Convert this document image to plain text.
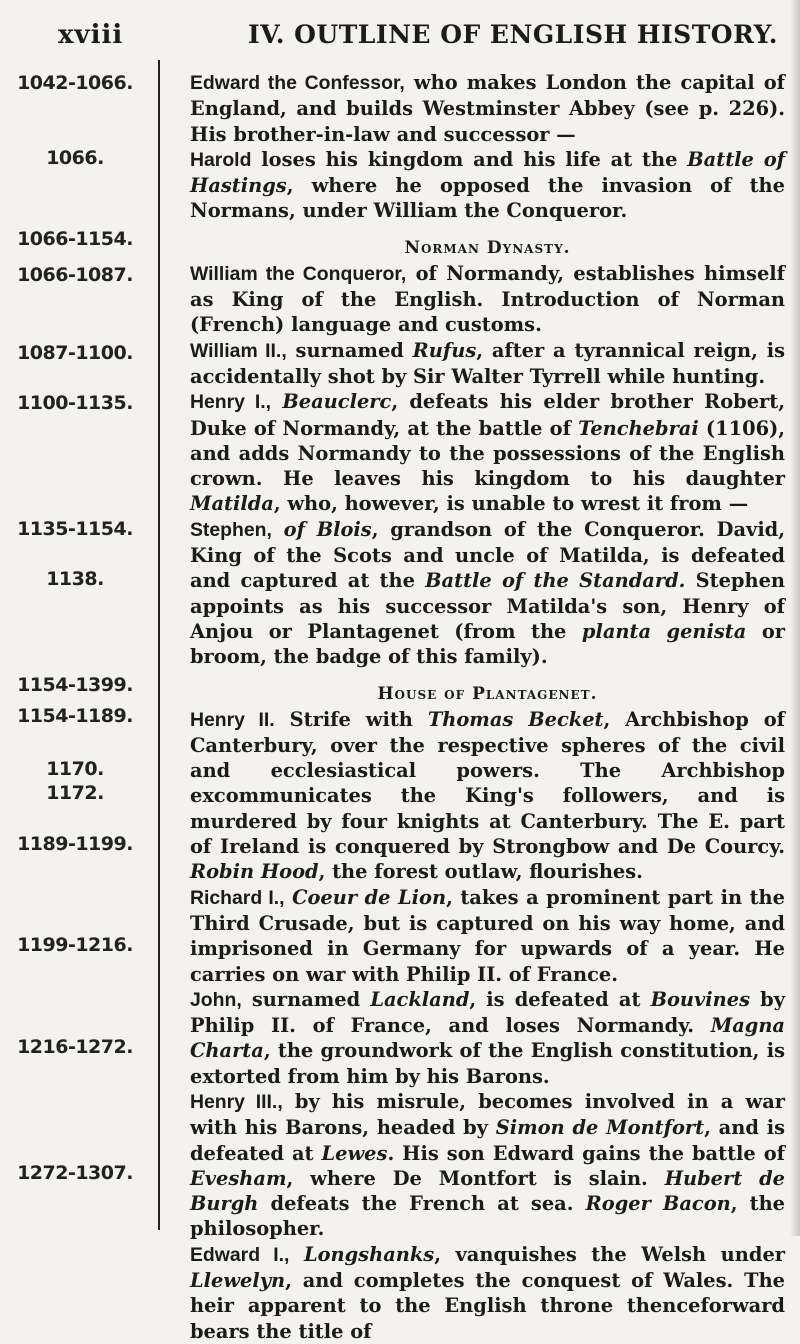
xviii	IV. OUTLINE OF ENGLISH HISTORY.
1042-1066.
1066.
1066-1154.
1066-1087.
1087-1100.
1100-1135.
1135-1154.
1138.
1154-1399.
1154-1189.
1170.
1172.
1189-1199.
1199-1216.
1216-1272.
1272-1307.

Edward the Confessor, who makes London the capital of England, and builds Westminster Abbey (see p. 226). His brother-in-law and successor —

Harold loses his kingdom and his life at the Battle of Hastings, where he opposed the invasion of the Normans, under William the Conqueror.

Norman Dynasty.

William the Conqueror, of Normandy, establishes himself as King of the English. Introduction of Norman (French) language and customs.

William II., surnamed Rufus, after a tyrannical reign, is accidentally shot by Sir Walter Tyrrell while hunting.

Henry I., Beauclerc, defeats his elder brother Robert, Duke of Normandy, at the battle of Tenchebrai (1106), and adds Normandy to the possessions of the English crown. He leaves his kingdom to his daughter Matilda, who, however, is unable to wrest it from —

Stephen, of Blois, grandson of the Conqueror. David, King of the Scots and uncle of Matilda, is defeated and captured at the Battle of the Standard. Stephen appoints as his successor Matilda's son, Henry of Anjou or Plantagenet (from the planta genista or broom, the badge of this family).

House of Plantagenet.

Henry II. Strife with Thomas Becket, Archbishop of Canterbury, over the respective spheres of the civil and ecclesiastical powers. The Archbishop excommunicates the King's followers, and is murdered by four knights at Canterbury. The E. part of Ireland is conquered by Strongbow and De Courcy. Robin Hood, the forest outlaw, flourishes.

Richard I., Coeur de Lion, takes a prominent part in the Third Crusade, but is captured on his way home, and imprisoned in Germany for upwards of a year. He carries on war with Philip II. of France.

John, surnamed Lackland, is defeated at Bouvines by Philip II. of France, and loses Normandy. Magna Charta, the groundwork of the English constitution, is extorted from him by his Barons.

Henry III., by his misrule, becomes involved in a war with his Barons, headed by Simon de Montfort, and is defeated at Lewes. His son Edward gains the battle of Evesham, where De Montfort is slain. Hubert de Burgh defeats the French at sea. Roger Bacon, the philosopher.

Edward I., Longshanks, vanquishes the Welsh under Llewelyn, and completes the conquest of Wales. The heir apparent to the English throne thenceforward bears the title of
